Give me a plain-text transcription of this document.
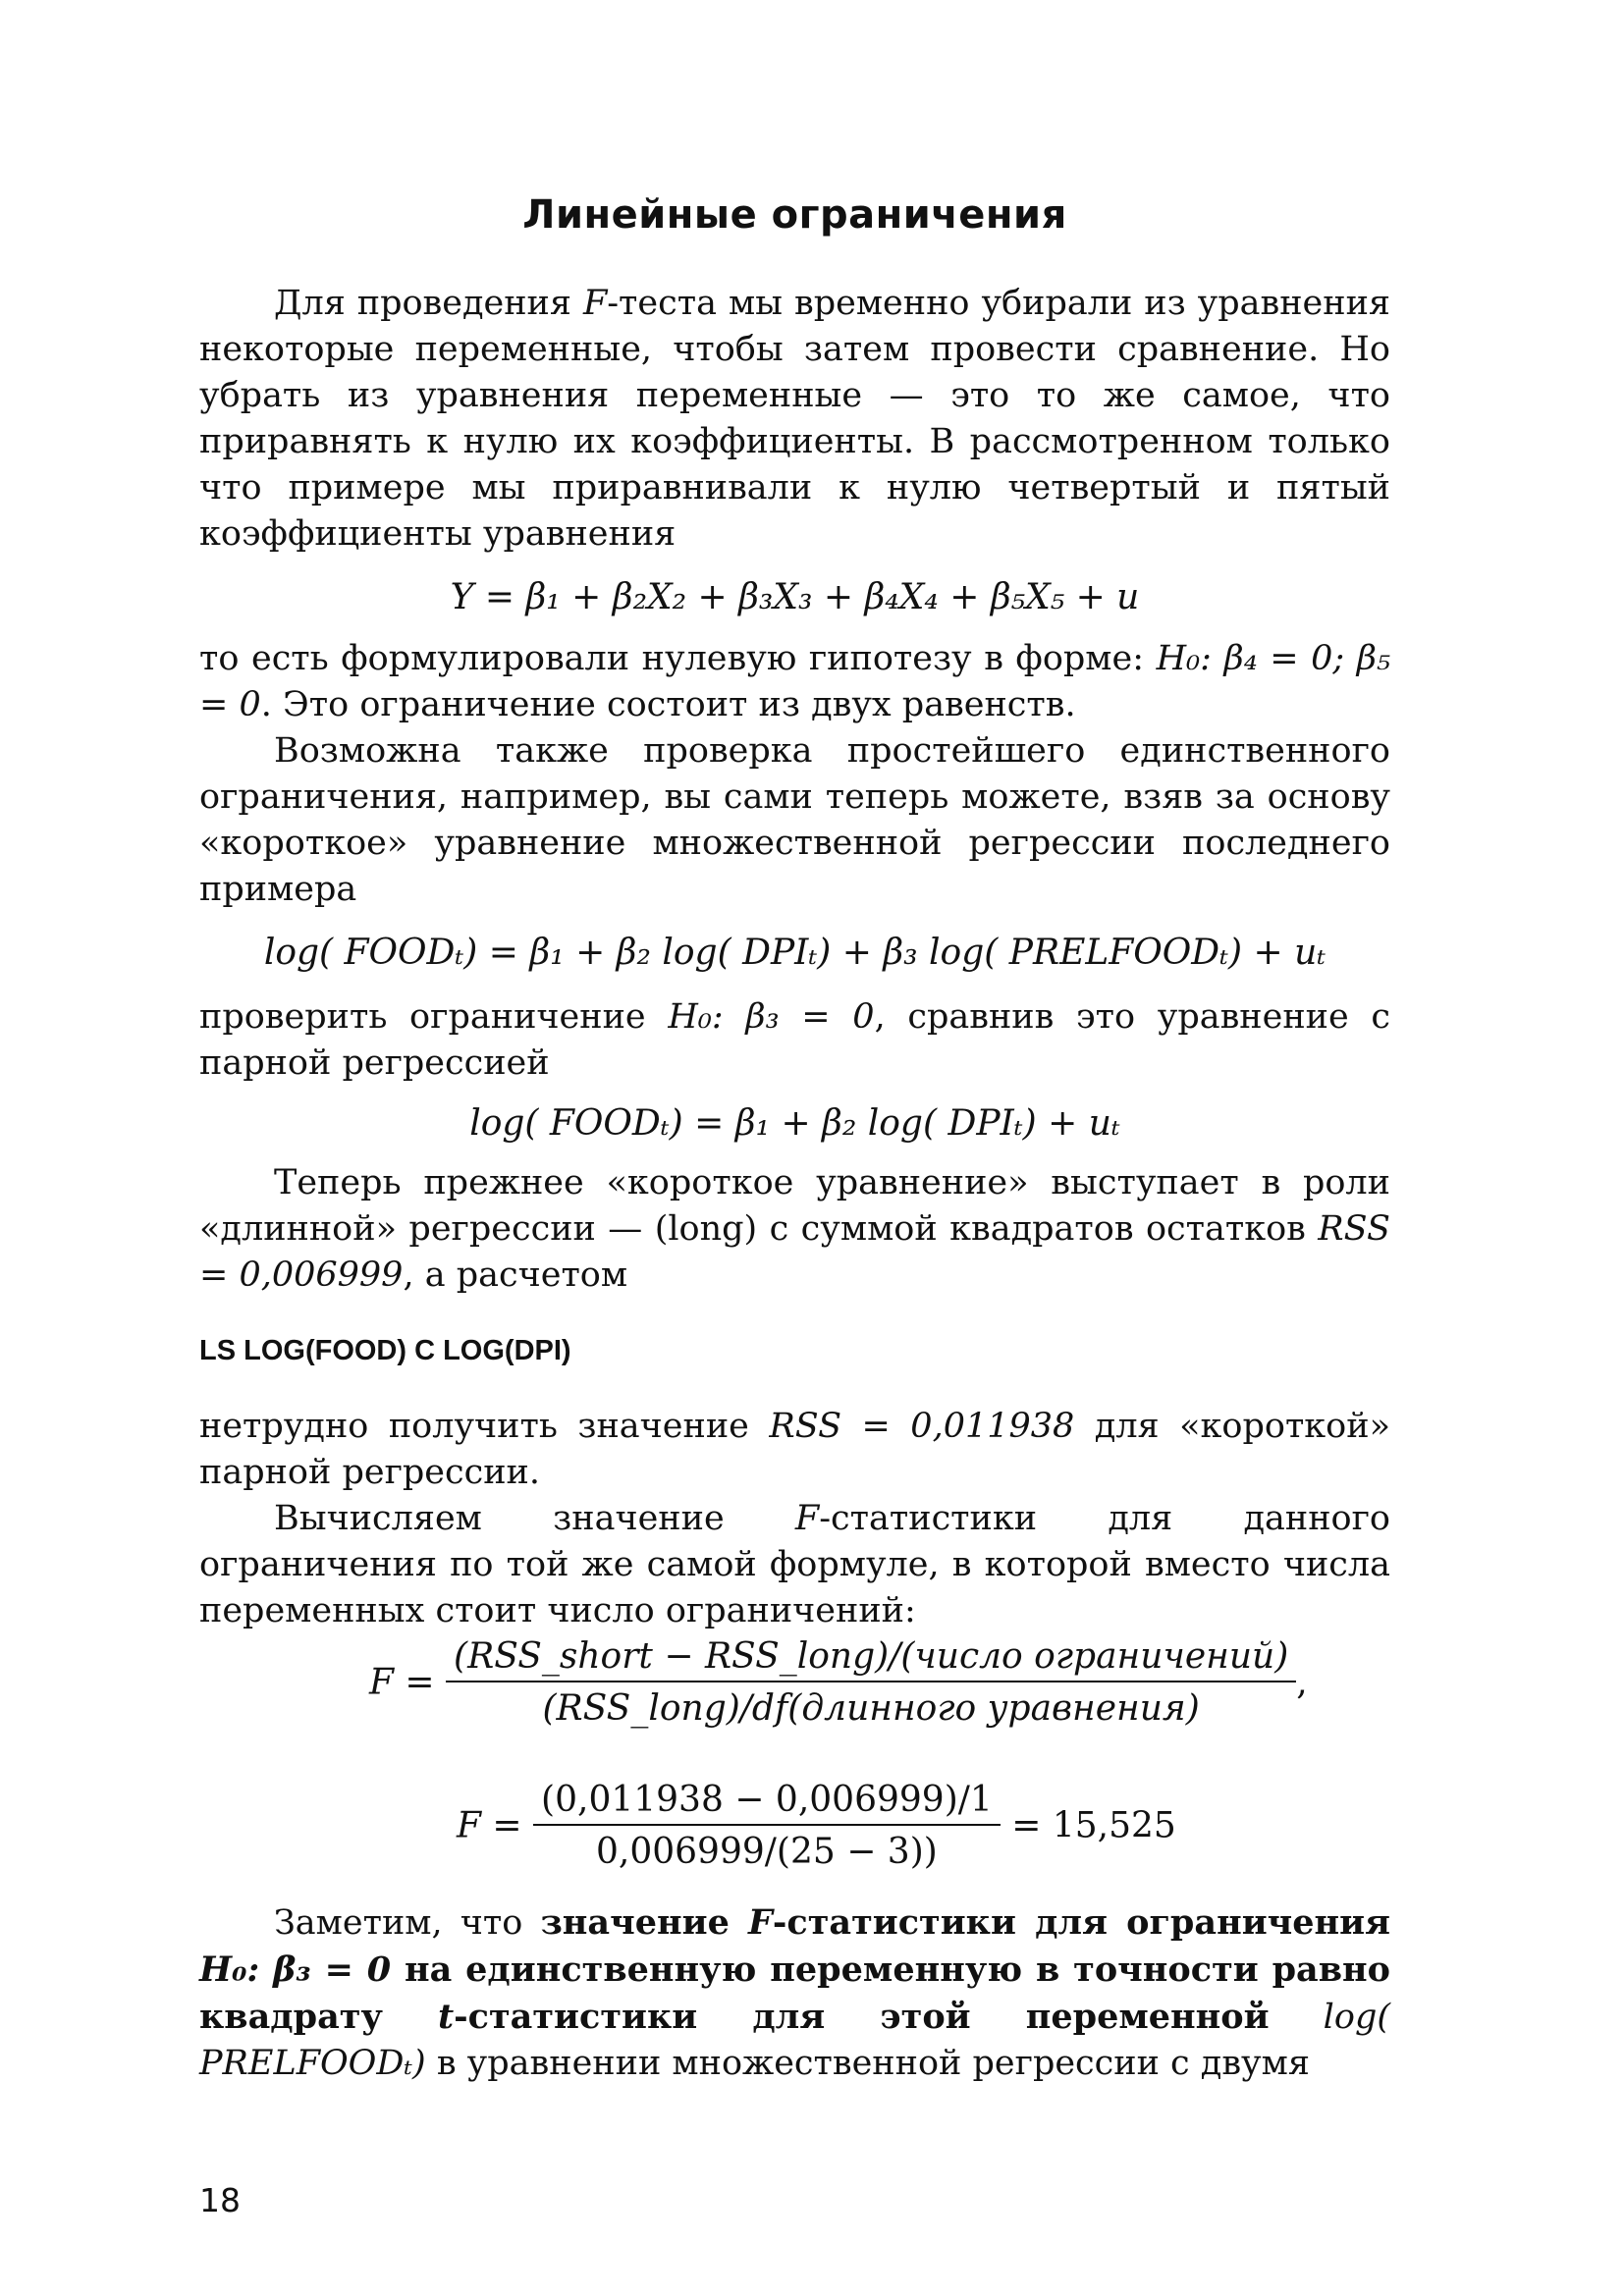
Линейные ограничения

Для проведения F-теста мы временно убирали из уравнения некоторые переменные, чтобы затем провести сравнение. Но убрать из уравнения переменные — это то же самое, что приравнять к нулю их коэффициенты. В рассмотренном только что примере мы приравнивали к нулю четвертый и пятый коэффициенты уравнения

Y = β₁ + β₂X₂ + β₃X₃ + β₄X₄ + β₅X₅ + u

то есть формулировали нулевую гипотезу в форме: H₀: β₄ = 0; β₅ = 0. Это ограничение состоит из двух равенств.

Возможна также проверка простейшего единственного ограничения, например, вы сами теперь можете, взяв за основу «короткое» уравнение множественной регрессии последнего примера

log( FOODₜ) = β₁ + β₂ log( DPIₜ) + β₃ log( PRELFOODₜ) + uₜ

проверить ограничение H₀: β₃ = 0, сравнив это уравнение с парной регрессией

log( FOODₜ) = β₁ + β₂ log( DPIₜ) + uₜ

Теперь прежнее «короткое уравнение» выступает в роли «длинной» регрессии — (long) с суммой квадратов остатков RSS = 0,006999, а расчетом

LS LOG(FOOD) C LOG(DPI)

нетрудно получить значение RSS = 0,011938 для «короткой» парной регрессии.

Вычисляем значение F-статистики для данного ограничения по той же самой формуле, в которой вместо числа переменных стоит число ограничений:

$F = \frac{\text{(RSS\_short − RSS\_long)/(число ограничений)}}{\text{(RSS\_long)/df(длинного уравнения)}}$ ,
$F = \frac{(0,011938 - 0,006999)/1}{0,006999/(25 - 3))} = 15,525$

Заметим, что значение F-статистики для ограничения H₀: β₃ = 0 на единственную переменную в точности равно квадрату t-статистики для этой переменной log( PRELFOODₜ) в уравнении множественной регрессии с двумя

18
